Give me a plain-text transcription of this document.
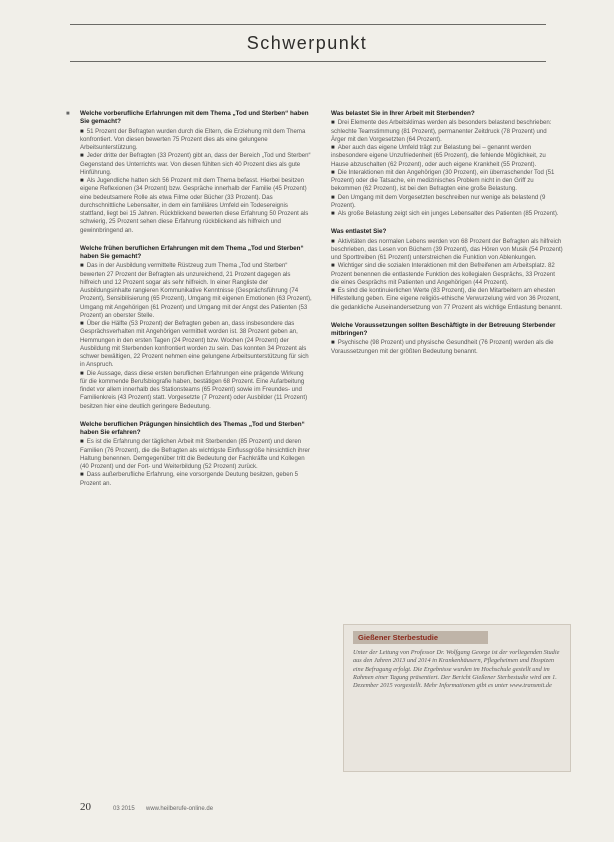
Schwerpunkt
■ Welche vorberufliche Erfahrungen mit dem Thema „Tod und Sterben“ haben Sie gemacht?
■ 51 Prozent der Befragten wurden durch die Eltern, die Erziehung mit dem Thema konfrontiert. Von diesen bewerten 75 Prozent dies als eine gelungene Arbeitsunterstützung.
■ Jeder dritte der Befragten (33 Prozent) gibt an, dass der Bereich „Tod und Sterben“ Gegenstand des Unterrichts war. Von diesen fühlten sich 40 Prozent dies als gute Hinführung.
■ Als Jugendliche hatten sich 56 Prozent mit dem Thema befasst. Hierbei besitzen eigene Reflexionen (34 Prozent) bzw. Gespräche innerhalb der Familie (45 Prozent) eine bedeutsamere Rolle als etwa Filme oder Bücher (33 Prozent). Das durchschnittliche Lebensalter, in dem ein familiäres Umfeld ein Todesereignis stattfand, liegt bei 15 Jahren. Rückblickend bewerten diese Erfahrung 50 Prozent als schwierig, 25 Prozent sehen diese Erfahrung rückblickend als hilfreich und gewinnbringend an.
Welche frühen beruflichen Erfahrungen mit dem Thema „Tod und Sterben“ haben Sie gemacht?
■ Das in der Ausbildung vermittelte Rüstzeug zum Thema „Tod und Sterben“ bewerten 27 Prozent der Befragten als unzureichend, 21 Prozent dagegen als hilfreich und 12 Prozent sogar als sehr hilfreich. In einer Rangliste der Ausbildungsinhalte rangieren Kommunikative Kenntnisse (Gesprächsführung (74 Prozent), Sensibilisierung (65 Prozent), Umgang mit eigenen Emotionen (63 Prozent), Umgang mit Angehörigen (61 Prozent) und Umgang mit der Angst des Patienten (53 Prozent) an oberster Stelle.
■ Über die Hälfte (53 Prozent) der Befragten geben an, dass insbesondere das Gesprächsverhalten mit Angehörigen vermittelt worden ist. 38 Prozent geben an, Hemmungen in den ersten Tagen (24 Prozent) bzw. Wochen (24 Prozent) der Ausbildung mit Sterbenden konfrontiert worden zu sein. Das konnten 34 Prozent als schwer bewältigen, 22 Prozent nehmen eine gelungene Arbeitsunterstützung für sich in Anspruch.
■ Die Aussage, dass diese ersten beruflichen Erfahrungen eine prägende Wirkung für die kommende Berufsbiografie haben, bestätigen 68 Prozent. Eine Aufarbeitung findet vor allem innerhalb des Stationsteams (65 Prozent) sowie im Freundes- und Familienkreis (43 Prozent) statt. Vorgesetzte (7 Prozent) oder Ausbilder (11 Prozent) besitzen hier eine deutlich geringere Bedeutung.
Welche beruflichen Prägungen hinsichtlich des Themas „Tod und Sterben“ haben Sie erfahren?
■ Es ist die Erfahrung der täglichen Arbeit mit Sterbenden (85 Prozent) und deren Familien (76 Prozent), die die Befragten als wichtigste Einflussgröße hinsichtlich ihrer Haltung benennen. Demgegenüber tritt die Bedeutung der Fachkräfte und Kollegen (40 Prozent) und der Fort- und Weiterbildung (52 Prozent) zurück.
■ Dass außerberufliche Erfahrung, eine vorsorgende Deutung besitzen, geben 5 Prozent an.
Was belastet Sie in Ihrer Arbeit mit Sterbenden?
■ Drei Elemente des Arbeitsklimas werden als besonders belastend beschrieben: schlechte Teamstimmung (81 Prozent), permanenter Zeitdruck (78 Prozent) und Ärger mit den Vorgesetzten (64 Prozent).
■ Aber auch das eigene Umfeld trägt zur Belastung bei – genannt werden insbesondere eigene Unzufriedenheit (65 Prozent), die fehlende Möglichkeit, zu Hause abzuschalten (62 Prozent), oder auch eigene Krankheit (55 Prozent).
■ Die Interaktionen mit den Angehörigen (30 Prozent), ein überraschender Tod (51 Prozent) oder die Tatsache, ein medizinisches Problem nicht in den Griff zu bekommen (62 Prozent), ist bei den Befragten eine große Belastung.
■ Den Umgang mit dem Vorgesetzten beschreiben nur wenige als belastend (9 Prozent).
■ Als große Belastung zeigt sich ein junges Lebensalter des Patienten (85 Prozent).
Was entlastet Sie?
■ Aktivitäten des normalen Lebens werden von 68 Prozent der Befragten als hilfreich beschrieben, das Lesen von Büchern (39 Prozent), das Hören von Musik (54 Prozent) und Sporttreiben (61 Prozent) unterstreichen die Funktion von Ablenkungen.
■ Wichtiger sind die sozialen Interaktionen mit den Befreifenen am Arbeitsplatz. 82 Prozent benennen die entlastende Funktion des kollegialen Gesprächs, 33 Prozent die eines Gesprächs mit Patienten und Angehörigen (44 Prozent).
■ Es sind die kontinuierlichen Werte (83 Prozent), die den Mitarbeitern am ehesten Hilfestellung geben. Eine eigene religiös-ethische Verwurzelung wird von 36 Prozent, die gedankliche Auseinandersetzung von 77 Prozent als wichtige Entlastung benannt.
Welche Voraussetzungen sollten Beschäftigte in der Betreuung Sterbender mitbringen?
■ Psychische (98 Prozent) und physische Gesundheit (76 Prozent) werden als die Voraussetzungen mit der größten Bedeutung benannt.
Gießener Sterbestudie
Unter der Leitung von Professor Dr. Wolfgang George ist der vorliegenden Studie aus den Jahren 2013 und 2014 in Krankenhäusern, Pflegeheimen und Hospizen eine Befragung erfolgt. Die Ergebnisse wurden im Hochschule gestellt und im Rahmen einer Tagung präsentiert. Der Bericht Gießener Sterbestudie wird am 1. Dezember 2015 vorgestellt. Mehr Informationen gibt es unter www.transmit.de
20	03 2015 www.heilberufe-online.de
